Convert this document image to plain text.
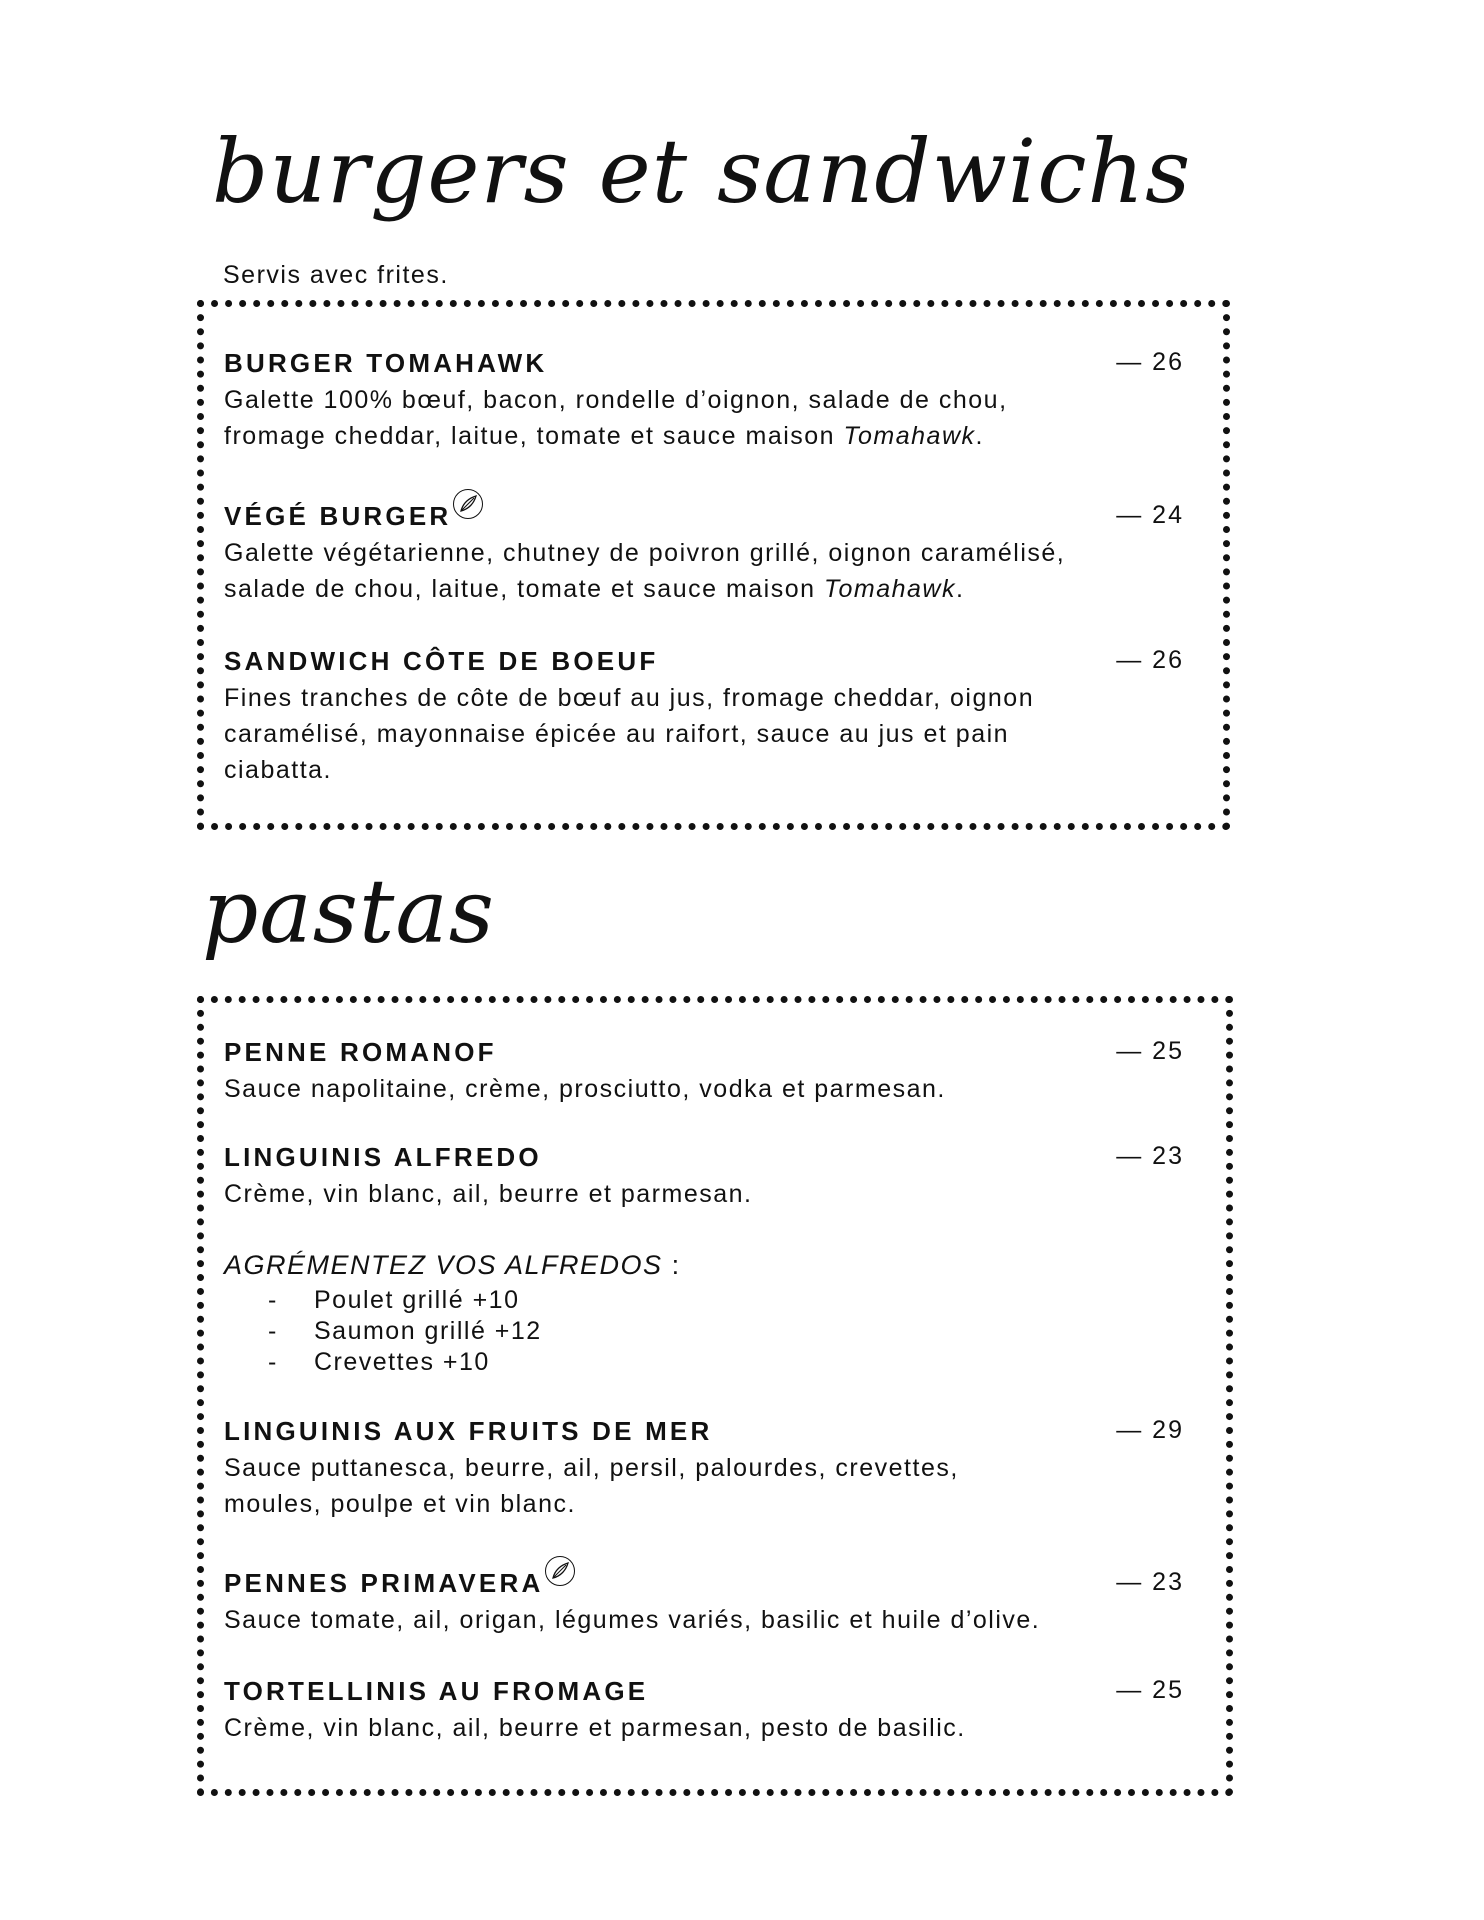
burgers et sandwichs
Servis avec frites.
BURGER TOMAHAWK	— 26
Galette 100% bœuf, bacon, rondelle d’oignon, salade de chou,
fromage cheddar, laitue, tomate et sauce maison Tomahawk.
VÉGÉ BURGER	— 24
Galette végétarienne, chutney de poivron grillé, oignon caramélisé,
salade de chou, laitue, tomate et sauce maison Tomahawk.
SANDWICH CÔTE DE BOEUF	— 26
Fines tranches de côte de bœuf au jus, fromage cheddar, oignon
caramélisé, mayonnaise épicée au raifort, sauce au jus et pain
ciabatta.
pastas
PENNE ROMANOF	— 25
Sauce napolitaine, crème, prosciutto, vodka et parmesan.
LINGUINIS ALFREDO	— 23
Crème, vin blanc, ail, beurre et parmesan.
AGRÉMENTEZ VOS ALFREDOS :
- Poulet grillé +10
- Saumon grillé +12
- Crevettes +10
LINGUINIS AUX FRUITS DE MER	— 29
Sauce puttanesca, beurre, ail, persil, palourdes, crevettes,
moules, poulpe et vin blanc.
PENNES PRIMAVERA	— 23
Sauce tomate, ail, origan, légumes variés, basilic et huile d’olive.
TORTELLINIS AU FROMAGE	— 25
Crème, vin blanc, ail, beurre et parmesan, pesto de basilic.
